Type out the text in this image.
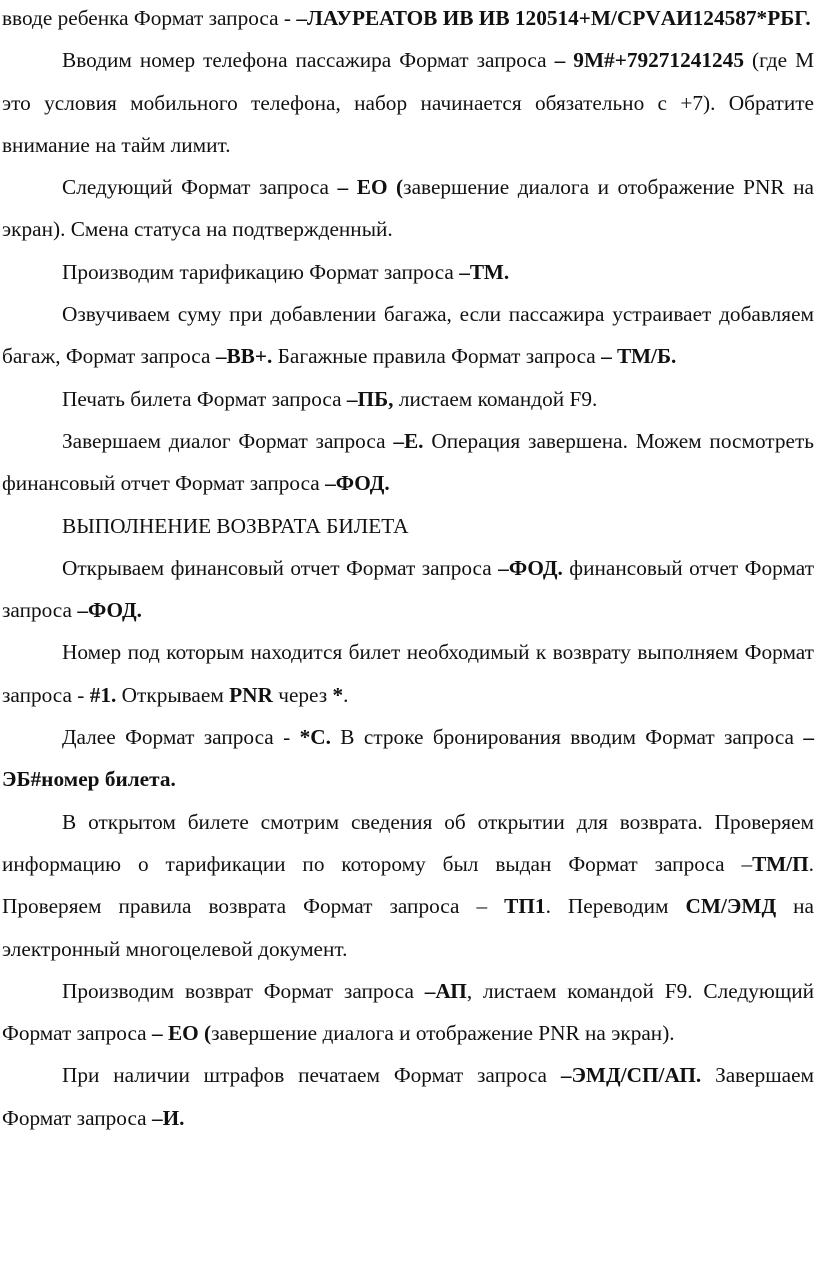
вводе ребенка Формат запроса - –ЛАУРЕАТОВ ИВ ИВ 120514+М/СРVАИ124587*РБГ.

Вводим номер телефона пассажира Формат запроса – 9М#+79271241245 (где М это условия мобильного телефона, набор начинается обязательно с +7). Обратите внимание на тайм лимит.

Следующий Формат запроса – ЕО (завершение диалога и отображение PNR на экран). Смена статуса на подтвержденный.

Производим тарификацию Формат запроса –ТМ.

Озвучиваем суму при добавлении багажа, если пассажира устраивает добавляем багаж, Формат запроса –ВВ+. Багажные правила Формат запроса – ТМ/Б.

Печать билета Формат запроса –ПБ, листаем командой F9.

Завершаем диалог Формат запроса –Е. Операция завершена. Можем посмотреть финансовый отчет Формат запроса –ФОД.

ВЫПОЛНЕНИЕ ВОЗВРАТА БИЛЕТА

Открываем финансовый отчет Формат запроса –ФОД. финансовый отчет Формат запроса –ФОД.

Номер под которым находится билет необходимый к возврату выполняем Формат запроса - #1. Открываем PNR через *.

Далее Формат запроса - *С. В строке бронирования вводим Формат запроса – ЭБ#номер билета.

В открытом билете смотрим сведения об открытии для возврата. Проверяем информацию о тарификации по которому был выдан Формат запроса –ТМ/П. Проверяем правила возврата Формат запроса – ТП1. Переводим СМ/ЭМД на электронный многоцелевой документ.

Производим возврат Формат запроса –АП, листаем командой F9. Следующий Формат запроса – ЕО (завершение диалога и отображение PNR на экран).

При наличии штрафов печатаем Формат запроса –ЭМД/СП/АП. Завершаем Формат запроса –И.
